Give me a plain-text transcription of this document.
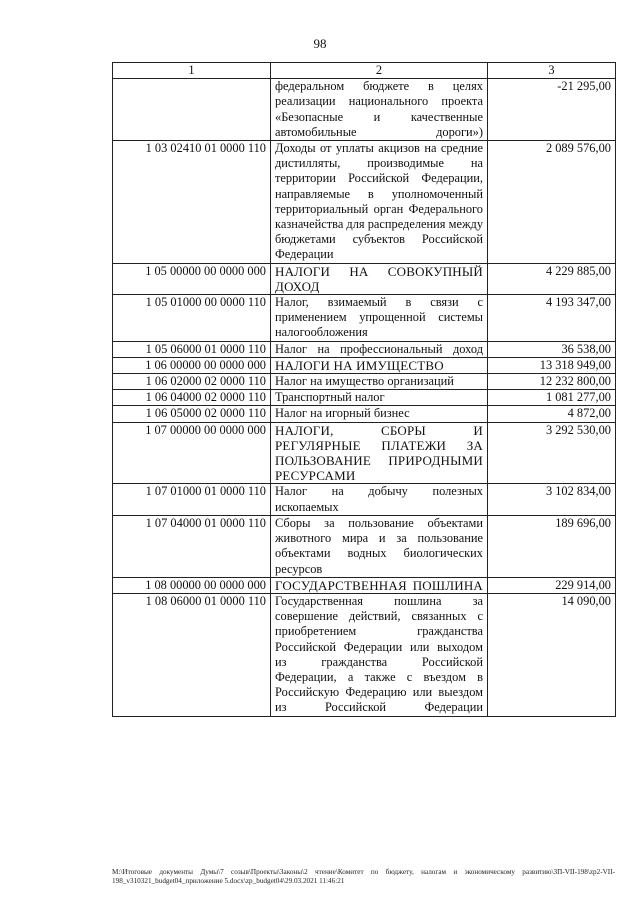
98
1	2	3
	федеральном бюджете в целях реализации национального проекта «Безопасные и качественные автомобильные дороги»)	-21 295,00
1 03 02410 01 0000 110	Доходы от уплаты акцизов на средние дистилляты, производимые на территории Российской Федерации, направляемые в уполномоченный территориальный орган Федерального казначейства для распределения между бюджетами субъектов Российской Федерации	2 089 576,00
1 05 00000 00 0000 000	НАЛОГИ НА СОВОКУПНЫЙ ДОХОД	4 229 885,00
1 05 01000 00 0000 110	Налог, взимаемый в связи с применением упрощенной системы налогообложения	4 193 347,00
1 05 06000 01 0000 110	Налог на профессиональный доход	36 538,00
1 06 00000 00 0000 000	НАЛОГИ НА ИМУЩЕСТВО	13 318 949,00
1 06 02000 02 0000 110	Налог на имущество организаций	12 232 800,00
1 06 04000 02 0000 110	Транспортный налог	1 081 277,00
1 06 05000 02 0000 110	Налог на игорный бизнес	4 872,00
1 07 00000 00 0000 000	НАЛОГИ, СБОРЫ И РЕГУЛЯРНЫЕ ПЛАТЕЖИ ЗА ПОЛЬЗОВАНИЕ ПРИРОДНЫМИ РЕСУРСАМИ	3 292 530,00
1 07 01000 01 0000 110	Налог на добычу полезных ископаемых	3 102 834,00
1 07 04000 01 0000 110	Сборы за пользование объектами животного мира и за пользование объектами водных биологических ресурсов	189 696,00
1 08 00000 00 0000 000	ГОСУДАРСТВЕННАЯ ПОШЛИНА	229 914,00
1 08 06000 01 0000 110	Государственная пошлина за совершение действий, связанных с приобретением гражданства Российской Федерации или выходом из гражданства Российской Федерации, а также с въездом в Российскую Федерацию или выездом из Российской Федерации	14 090,00
M:\Итоговые документы Думы\7 созыв\Проекты\Законы\2 чтение\Комитет по бюджету, налогам и экономическому развитию\ЗП-VII-198\zp2-VII-198_v310321_budget04_приложение 5.docx\zp_budget04\29.03.2021 11:46:21
